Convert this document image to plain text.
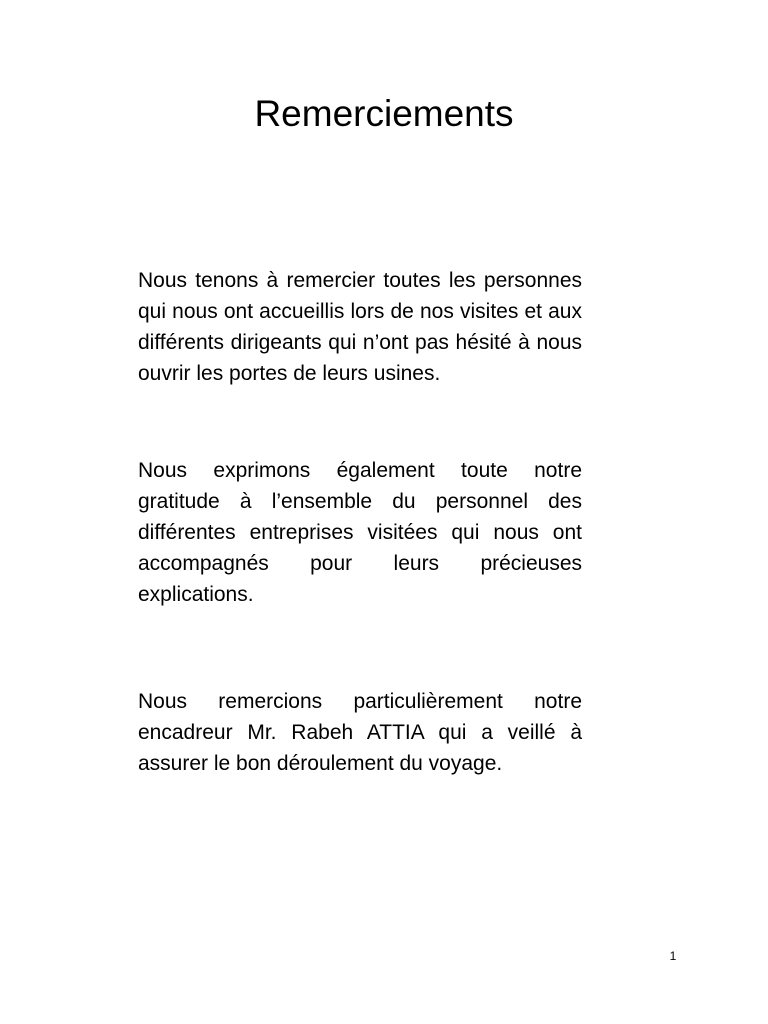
Remerciements

Nous tenons à remercier toutes les personnes qui nous ont accueillis lors de nos visites et aux différents dirigeants qui n’ont pas hésité à nous ouvrir les portes de leurs usines.

Nous exprimons également toute notre gratitude à l’ensemble du personnel des différentes entreprises visitées qui nous ont accompagnés pour leurs précieuses explications.

Nous remercions particulièrement notre encadreur Mr. Rabeh ATTIA qui a veillé à assurer le bon déroulement du voyage.

1
